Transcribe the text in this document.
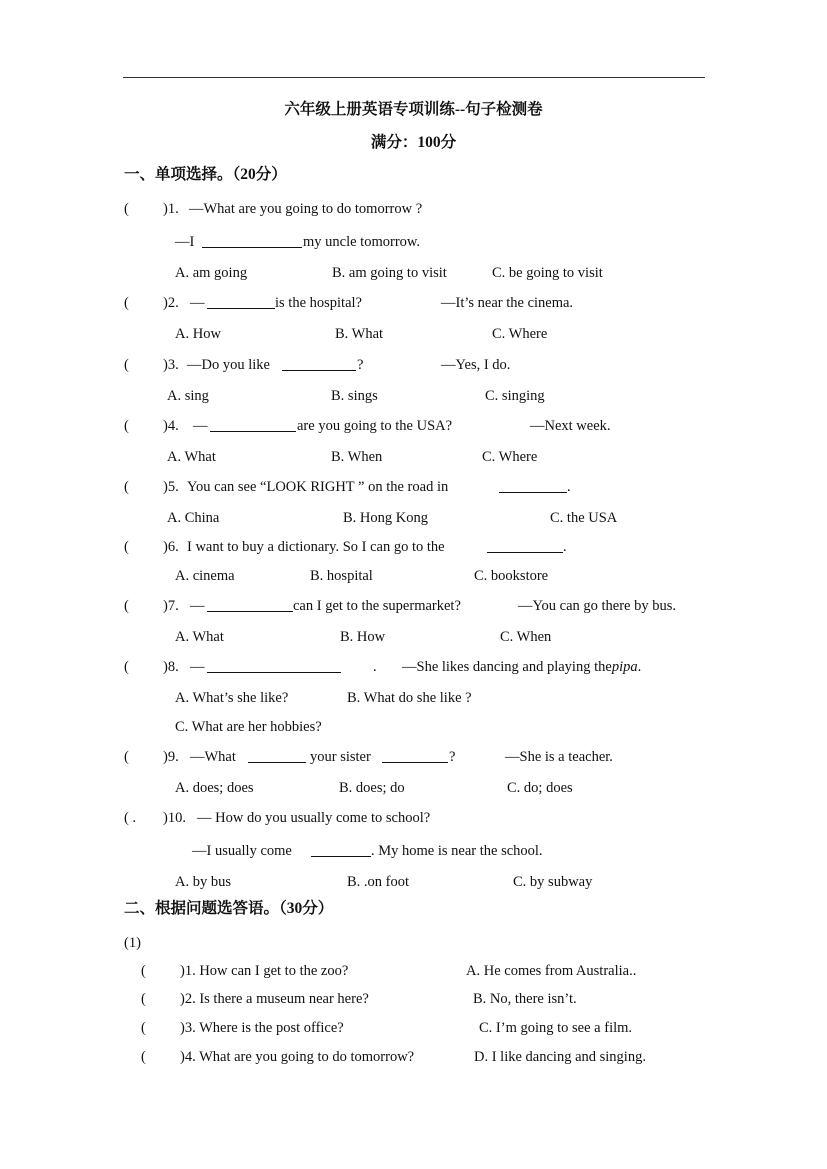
六年级上册英语专项训练--句子检测卷
满分：100分
一、单项选择。（20分）
( )1. —What are you going to do tomorrow ?
—I	my uncle tomorrow.
A. am going	B. am going to visit	C. be going to visit
( )2. —	is the hospital?	—It’s near the cinema.
A. How	B. What	C. Where
( )3. —Do you like	?	—Yes, I do.
A. sing	B. sings	C. singing
( )4. —	are you going to the USA?	—Next week.
A. What	B. When	C. Where
( )5. You can see “LOOK RIGHT ” on the road in	.
A. China	B. Hong Kong	C. the USA
( )6. I want to buy a dictionary. So I can go to the	.
A. cinema	B. hospital	C. bookstore
( )7. —	can I get to the supermarket?	—You can go there by bus.
A. What	B. How	C. When
( )8. —	. —She likes dancing and playing thepipa.
A. What’s she like?	B. What do she like ?
C. What are her hobbies?
( )9. —What	your sister	?	—She is a teacher.
A. does; does	B. does; do	C. do; does
( . )10. — How do you usually come to school?
—I usually come	. My home is near the school.
A. by bus	B. .on foot	C. by subway
二、根据问题选答语。（30分）
(1)
( )1. How can I get to the zoo?	A. He comes from Australia..
( )2. Is there a museum near here?	B. No, there isn’t.
( )3. Where is the post office?	C. I’m going to see a film.
( )4. What are you going to do tomorrow?	D. I like dancing and singing.
